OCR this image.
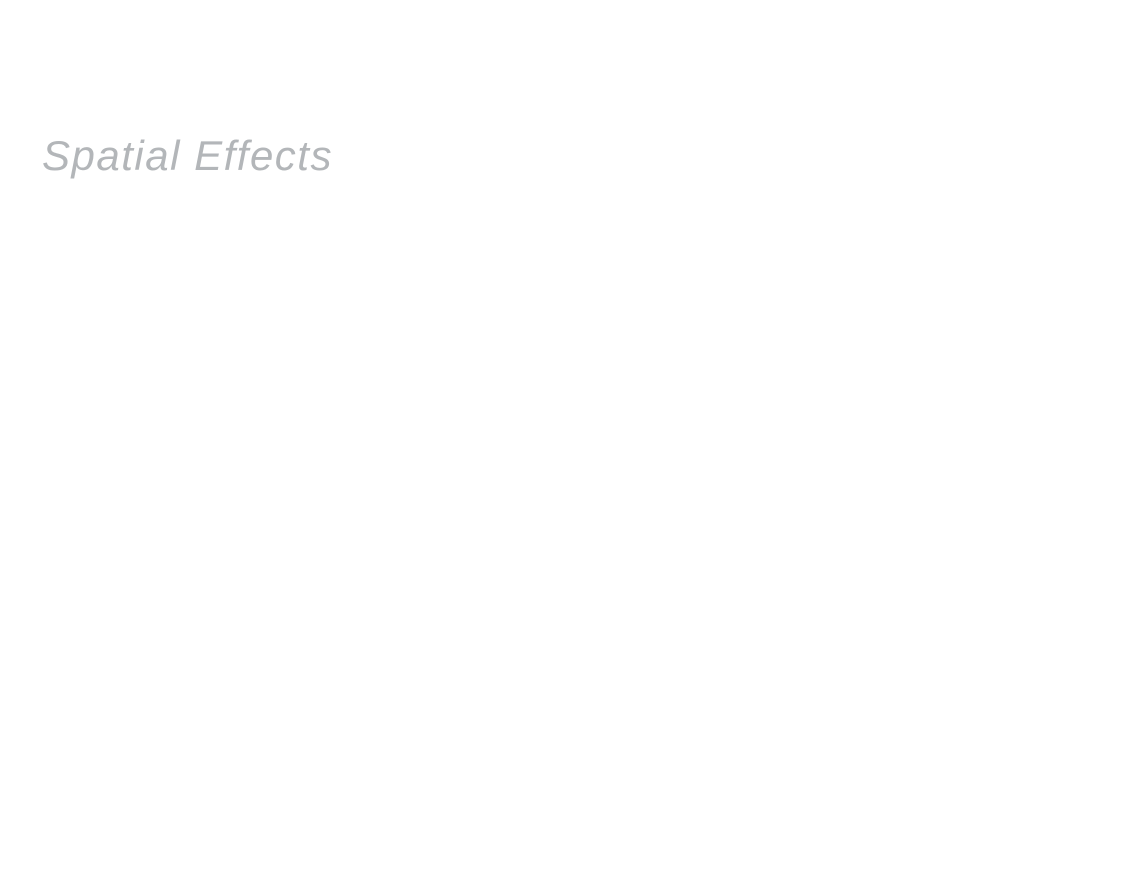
Spatial Effects
